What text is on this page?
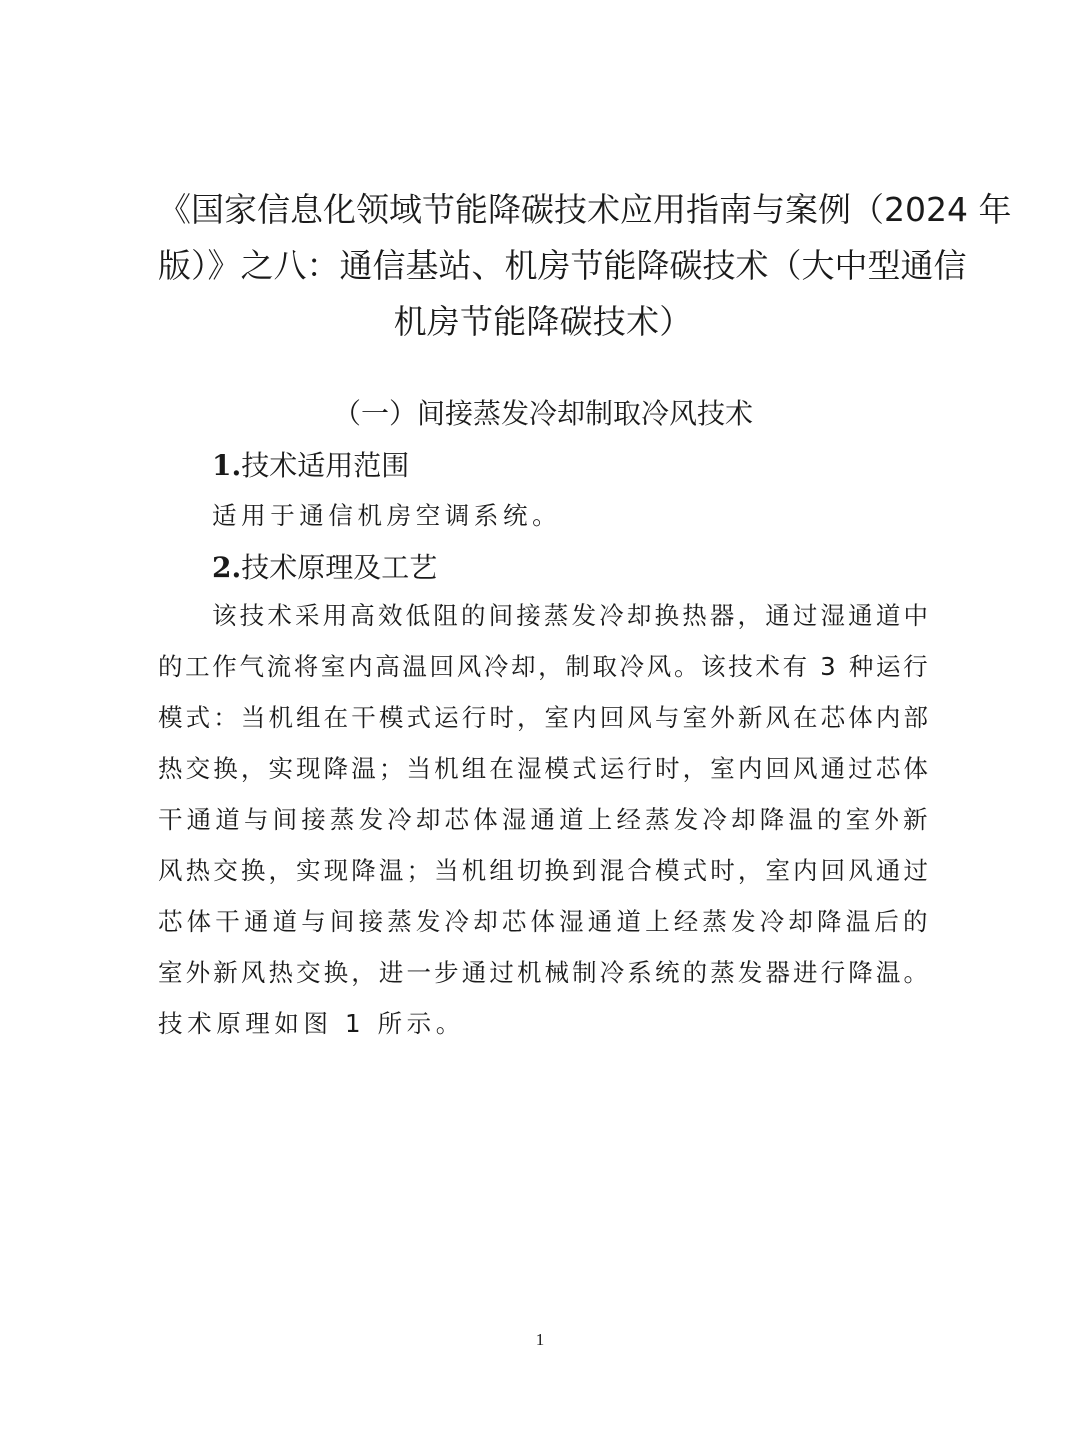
《国家信息化领域节能降碳技术应用指南与案例（2024 年 版）》之八：通信基站、机房节能降碳技术（大中型通信
机房节能降碳技术）
（一）间接蒸发冷却制取冷风技术
1.技术适用范围
适用于通信机房空调系统。
2.技术原理及工艺
该技术采用高效低阻的间接蒸发冷却换热器，通过湿通道中
的工作气流将室内高温回风冷却，制取冷风。该技术有 3 种运行
模式：当机组在干模式运行时，室内回风与室外新风在芯体内部
热交换，实现降温；当机组在湿模式运行时，室内回风通过芯体
干通道与间接蒸发冷却芯体湿通道上经蒸发冷却降温的室外新
风热交换，实现降温；当机组切换到混合模式时，室内回风通过
芯体干通道与间接蒸发冷却芯体湿通道上经蒸发冷却降温后的
室外新风热交换，进一步通过机械制冷系统的蒸发器进行降温。
技术原理如图 1 所示。
1
